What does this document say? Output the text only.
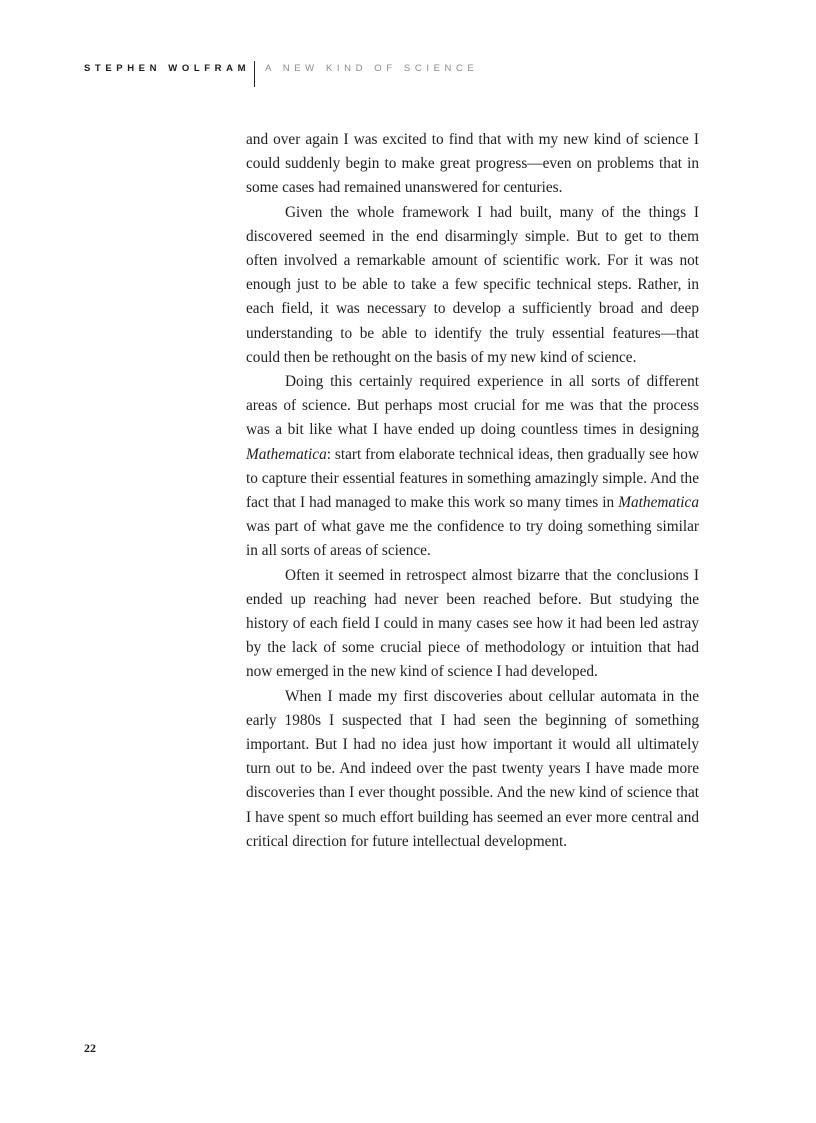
STEPHEN WOLFRAM A NEW KIND OF SCIENCE

and over again I was excited to find that with my new kind of science I could suddenly begin to make great progress—even on problems that in some cases had remained unanswered for centuries.

Given the whole framework I had built, many of the things I discovered seemed in the end disarmingly simple. But to get to them often involved a remarkable amount of scientific work. For it was not enough just to be able to take a few specific technical steps. Rather, in each field, it was necessary to develop a sufficiently broad and deep understanding to be able to identify the truly essential features—that could then be rethought on the basis of my new kind of science.

Doing this certainly required experience in all sorts of different areas of science. But perhaps most crucial for me was that the process was a bit like what I have ended up doing countless times in designing Mathematica: start from elaborate technical ideas, then gradually see how to capture their essential features in something amazingly simple. And the fact that I had managed to make this work so many times in Mathematica was part of what gave me the confidence to try doing something similar in all sorts of areas of science.

Often it seemed in retrospect almost bizarre that the conclusions I ended up reaching had never been reached before. But studying the history of each field I could in many cases see how it had been led astray by the lack of some crucial piece of methodology or intuition that had now emerged in the new kind of science I had developed.

When I made my first discoveries about cellular automata in the early 1980s I suspected that I had seen the beginning of something important. But I had no idea just how important it would all ultimately turn out to be. And indeed over the past twenty years I have made more discoveries than I ever thought possible. And the new kind of science that I have spent so much effort building has seemed an ever more central and critical direction for future intellectual development.

22
